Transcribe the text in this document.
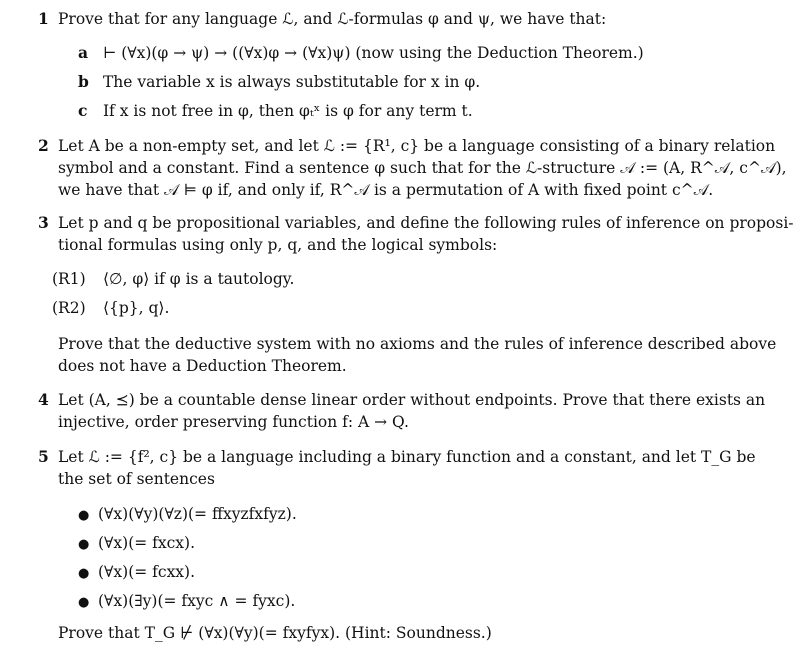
1 Prove that for any language ℒ, and ℒ-formulas φ and ψ, we have that:
a ⊢ (∀x)(φ → ψ) → ((∀x)φ → (∀x)ψ) (now using the Deduction Theorem.)
b The variable x is always substitutable for x in φ.
c If x is not free in φ, then φₜˣ is φ for any term t.
2 Let A be a non-empty set, and let ℒ := {R¹, c} be a language consisting of a binary relation
symbol and a constant. Find a sentence φ such that for the ℒ-structure 𝒜 := (A, R^𝒜, c^𝒜),
we have that 𝒜 ⊨ φ if, and only if, R^𝒜 is a permutation of A with fixed point c^𝒜.
3 Let p and q be propositional variables, and define the following rules of inference on proposi-
tional formulas using only p, q, and the logical symbols:
(R1) ⟨∅, φ⟩ if φ is a tautology.
(R2) ⟨{p}, q⟩.
Prove that the deductive system with no axioms and the rules of inference described above
does not have a Deduction Theorem.
4 Let (A, ⪯) be a countable dense linear order without endpoints. Prove that there exists an
injective, order preserving function f: A → Q.
5 Let ℒ := {f², c} be a language including a binary function and a constant, and let T_G be
the set of sentences
● (∀x)(∀y)(∀z)(= ffxyzfxfyz).
● (∀x)(= fxcx).
● (∀x)(= fcxx).
● (∀x)(∃y)(= fxyc ∧ = fyxc).
Prove that T_G ⊬ (∀x)(∀y)(= fxyfyx). (Hint: Soundness.)
